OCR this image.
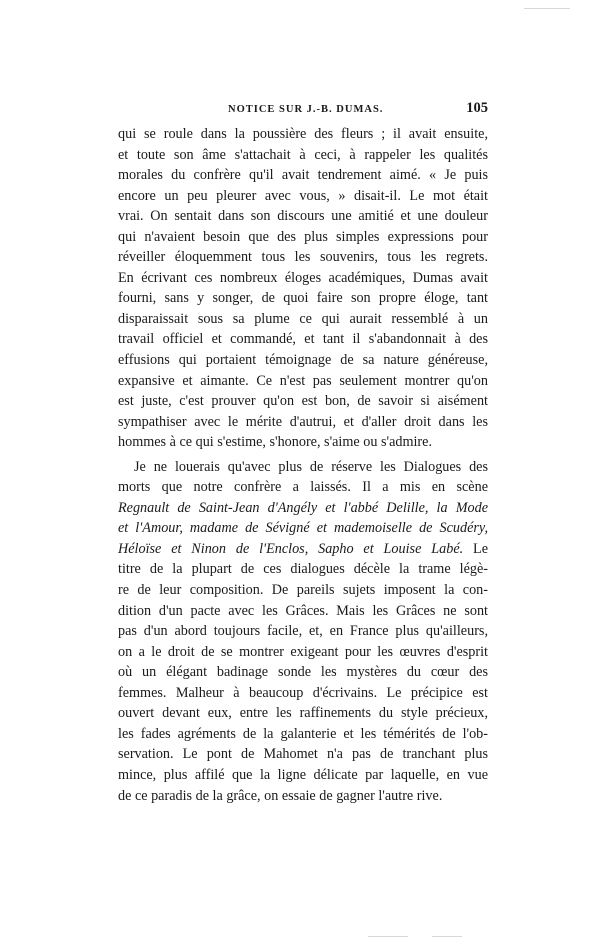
NOTICE SUR J.-B. DUMAS.	105
qui se roule dans la poussière des fleurs ; il avait ensuite,
et toute son âme s'attachait à ceci, à rappeler les qualités
morales du confrère qu'il avait tendrement aimé. « Je puis
encore un peu pleurer avec vous, » disait-il. Le mot était
vrai. On sentait dans son discours une amitié et une douleur
qui n'avaient besoin que des plus simples expressions pour
réveiller éloquemment tous les souvenirs, tous les regrets.
En écrivant ces nombreux éloges académiques, Dumas avait
fourni, sans y songer, de quoi faire son propre éloge, tant
disparaissait sous sa plume ce qui aurait ressemblé à un
travail officiel et commandé, et tant il s'abandonnait à des
effusions qui portaient témoignage de sa nature généreuse,
expansive et aimante. Ce n'est pas seulement montrer qu'on
est juste, c'est prouver qu'on est bon, de savoir si aisément
sympathiser avec le mérite d'autrui, et d'aller droit dans les
hommes à ce qui s'estime, s'honore, s'aime ou s'admire.
Je ne louerais qu'avec plus de réserve les Dialogues des
morts que notre confrère a laissés. Il a mis en scène
Regnault de Saint-Jean d'Angély et l'abbé Delille, la Mode
et l'Amour, madame de Sévigné et mademoiselle de Scudéry,
Héloïse et Ninon de l'Enclos, Sapho et Louise Labé. Le
titre de la plupart de ces dialogues décèle la trame légè-
re de leur composition. De pareils sujets imposent la con-
dition d'un pacte avec les Grâces. Mais les Grâces ne sont
pas d'un abord toujours facile, et, en France plus qu'ailleurs,
on a le droit de se montrer exigeant pour les œuvres d'esprit
où un élégant badinage sonde les mystères du cœur des
femmes. Malheur à beaucoup d'écrivains. Le précipice est
ouvert devant eux, entre les raffinements du style précieux,
les fades agréments de la galanterie et les témérités de l'ob-
servation. Le pont de Mahomet n'a pas de tranchant plus
mince, plus affilé que la ligne délicate par laquelle, en vue
de ce paradis de la grâce, on essaie de gagner l'autre rive.
